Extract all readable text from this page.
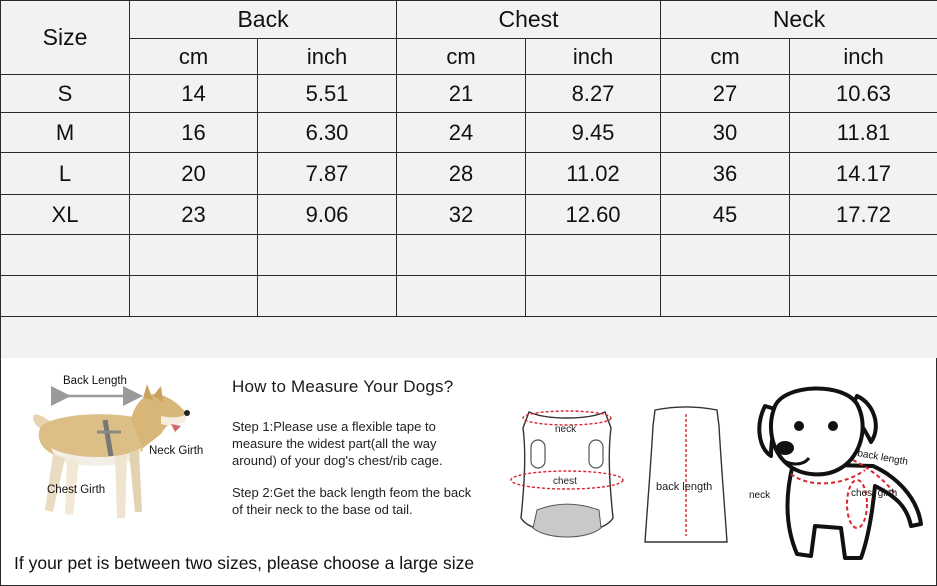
Size	Back		Chest		Neck	
	cm	inch	cm	inch	cm	inch
S	14	5.51	21	8.27	27	10.63
M	16	6.30	24	9.45	30	11.81
L	20	7.87	28	11.02	36	14.17
XL	23	9.06	32	12.60	45	17.72

Back Length
Neck Girth
Chest Girth
How to Measure Your Dogs?
Step 1:Please use a flexible tape to measure the widest part(all the way around) of your dog's chest/rib cage.
Step 2:Get the back length feom the back of their neck to the base od tail.
neck
chest	back length
back length
neck	chest girth
If your pet is between two sizes, please choose a large size
